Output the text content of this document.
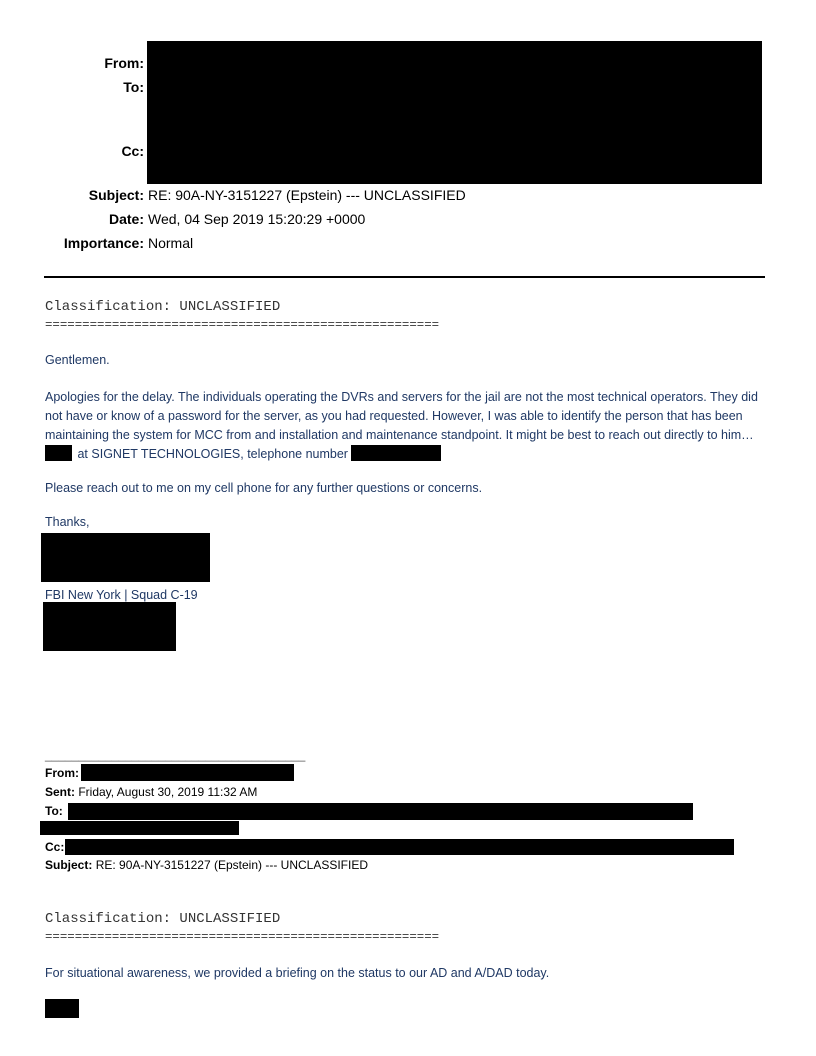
From:
To:
Cc:
Subject: RE: 90A-NY-3151227 (Epstein) --- UNCLASSIFIED
Date: Wed, 04 Sep 2019 15:20:29 +0000
Importance: Normal
Classification: UNCLASSIFIED
=====================================================
Gentlemen.
Apologies for the delay. The individuals operating the DVRs and servers for the jail are not the most technical operators. They did not have or know of a password for the server, as you had requested. However, I was able to identify the person that has been maintaining the system for MCC from and installation and maintenance standpoint. It might be best to reach out directly to him…  at SIGNET TECHNOLOGIES, telephone number
Please reach out to me on my cell phone for any further questions or concerns.
Thanks,
FBI New York | Squad C-19
_______________________________________
From:
Sent: Friday, August 30, 2019 11:32 AM
To:
Cc:
Subject: RE: 90A-NY-3151227 (Epstein) --- UNCLASSIFIED
Classification: UNCLASSIFIED
=====================================================
For situational awareness, we provided a briefing on the status to our AD and A/DAD today.
